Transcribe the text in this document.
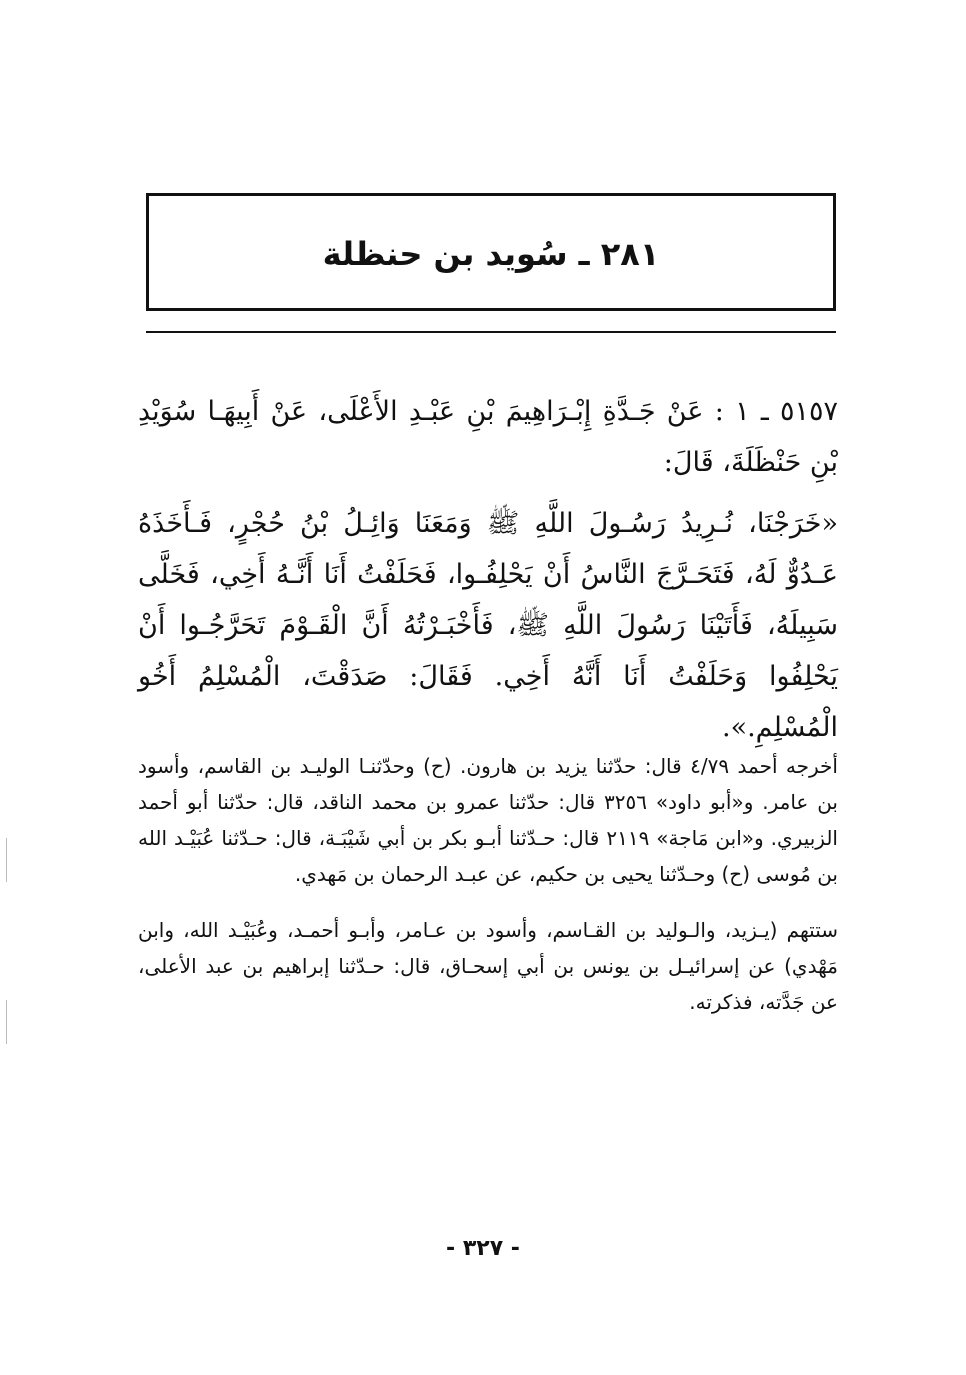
٢٨١ ـ سُويد بن حنظلة

٥١٥٧ ـ ١ : عَنْ جَـدَّةِ إِبْـرَاهِيمَ بْنِ عَبْـدِ الأَعْلَى، عَنْ أَبِيهَـا سُوَيْدِ بْنِ حَنْظَلَةَ، قَالَ:

«خَرَجْنَا، نُـرِيدُ رَسُـولَ اللَّهِ ﷺ وَمَعَنَا وَائِـلُ بْنُ حُجْرٍ، فَـأَخَذَهُ عَـدُوٌّ لَهُ، فَتَحَـرَّجَ النَّاسُ أَنْ يَحْلِفُـوا، فَحَلَفْتُ أَنَا أَنَّـهُ أَخِي، فَخَلَّى سَبِيلَهُ، فَأَتَيْنَا رَسُولَ اللَّهِ ﷺ، فَأَخْبَـرْتُهُ أَنَّ الْقَـوْمَ تَحَرَّجُـوا أَنْ يَحْلِفُوا وَحَلَفْتُ أَنَا أَنَّهُ أَخِي. فَقَالَ: صَدَقْتَ، الْمُسْلِمُ أَخُو الْمُسْلِمِ.».

أخرجه أحمد ٤/٧٩ قال: حدّثنا يزيد بن هارون. (ح) وحدّثنـا الوليـد بن القاسم، وأسود بن عامر. و«أبو داود» ٣٢٥٦ قال: حدّثنا عمرو بن محمد الناقد، قال: حدّثنا أبو أحمد الزبيري. و«ابن مَاجة» ٢١١٩ قال: حـدّثنا أبـو بكر بن أبي شَيْبَـة، قال: حـدّثنا عُبَيْـد الله بن مُوسى (ح) وحـدّثنا يحيى بن حكيم، عن عبـد الرحمان بن مَهدي.

ستتهم (يـزيد، والـوليد بن القـاسم، وأسود بن عـامر، وأبـو أحمـد، وعُبَيْـد الله، وابن مَهْدي) عن إسرائيـل بن يونس بن أبي إسحـاق، قال: حـدّثنا إبراهيم بن عبد الأعلى، عن جَدَّته، فذكرته.

- ٣٢٧ -
